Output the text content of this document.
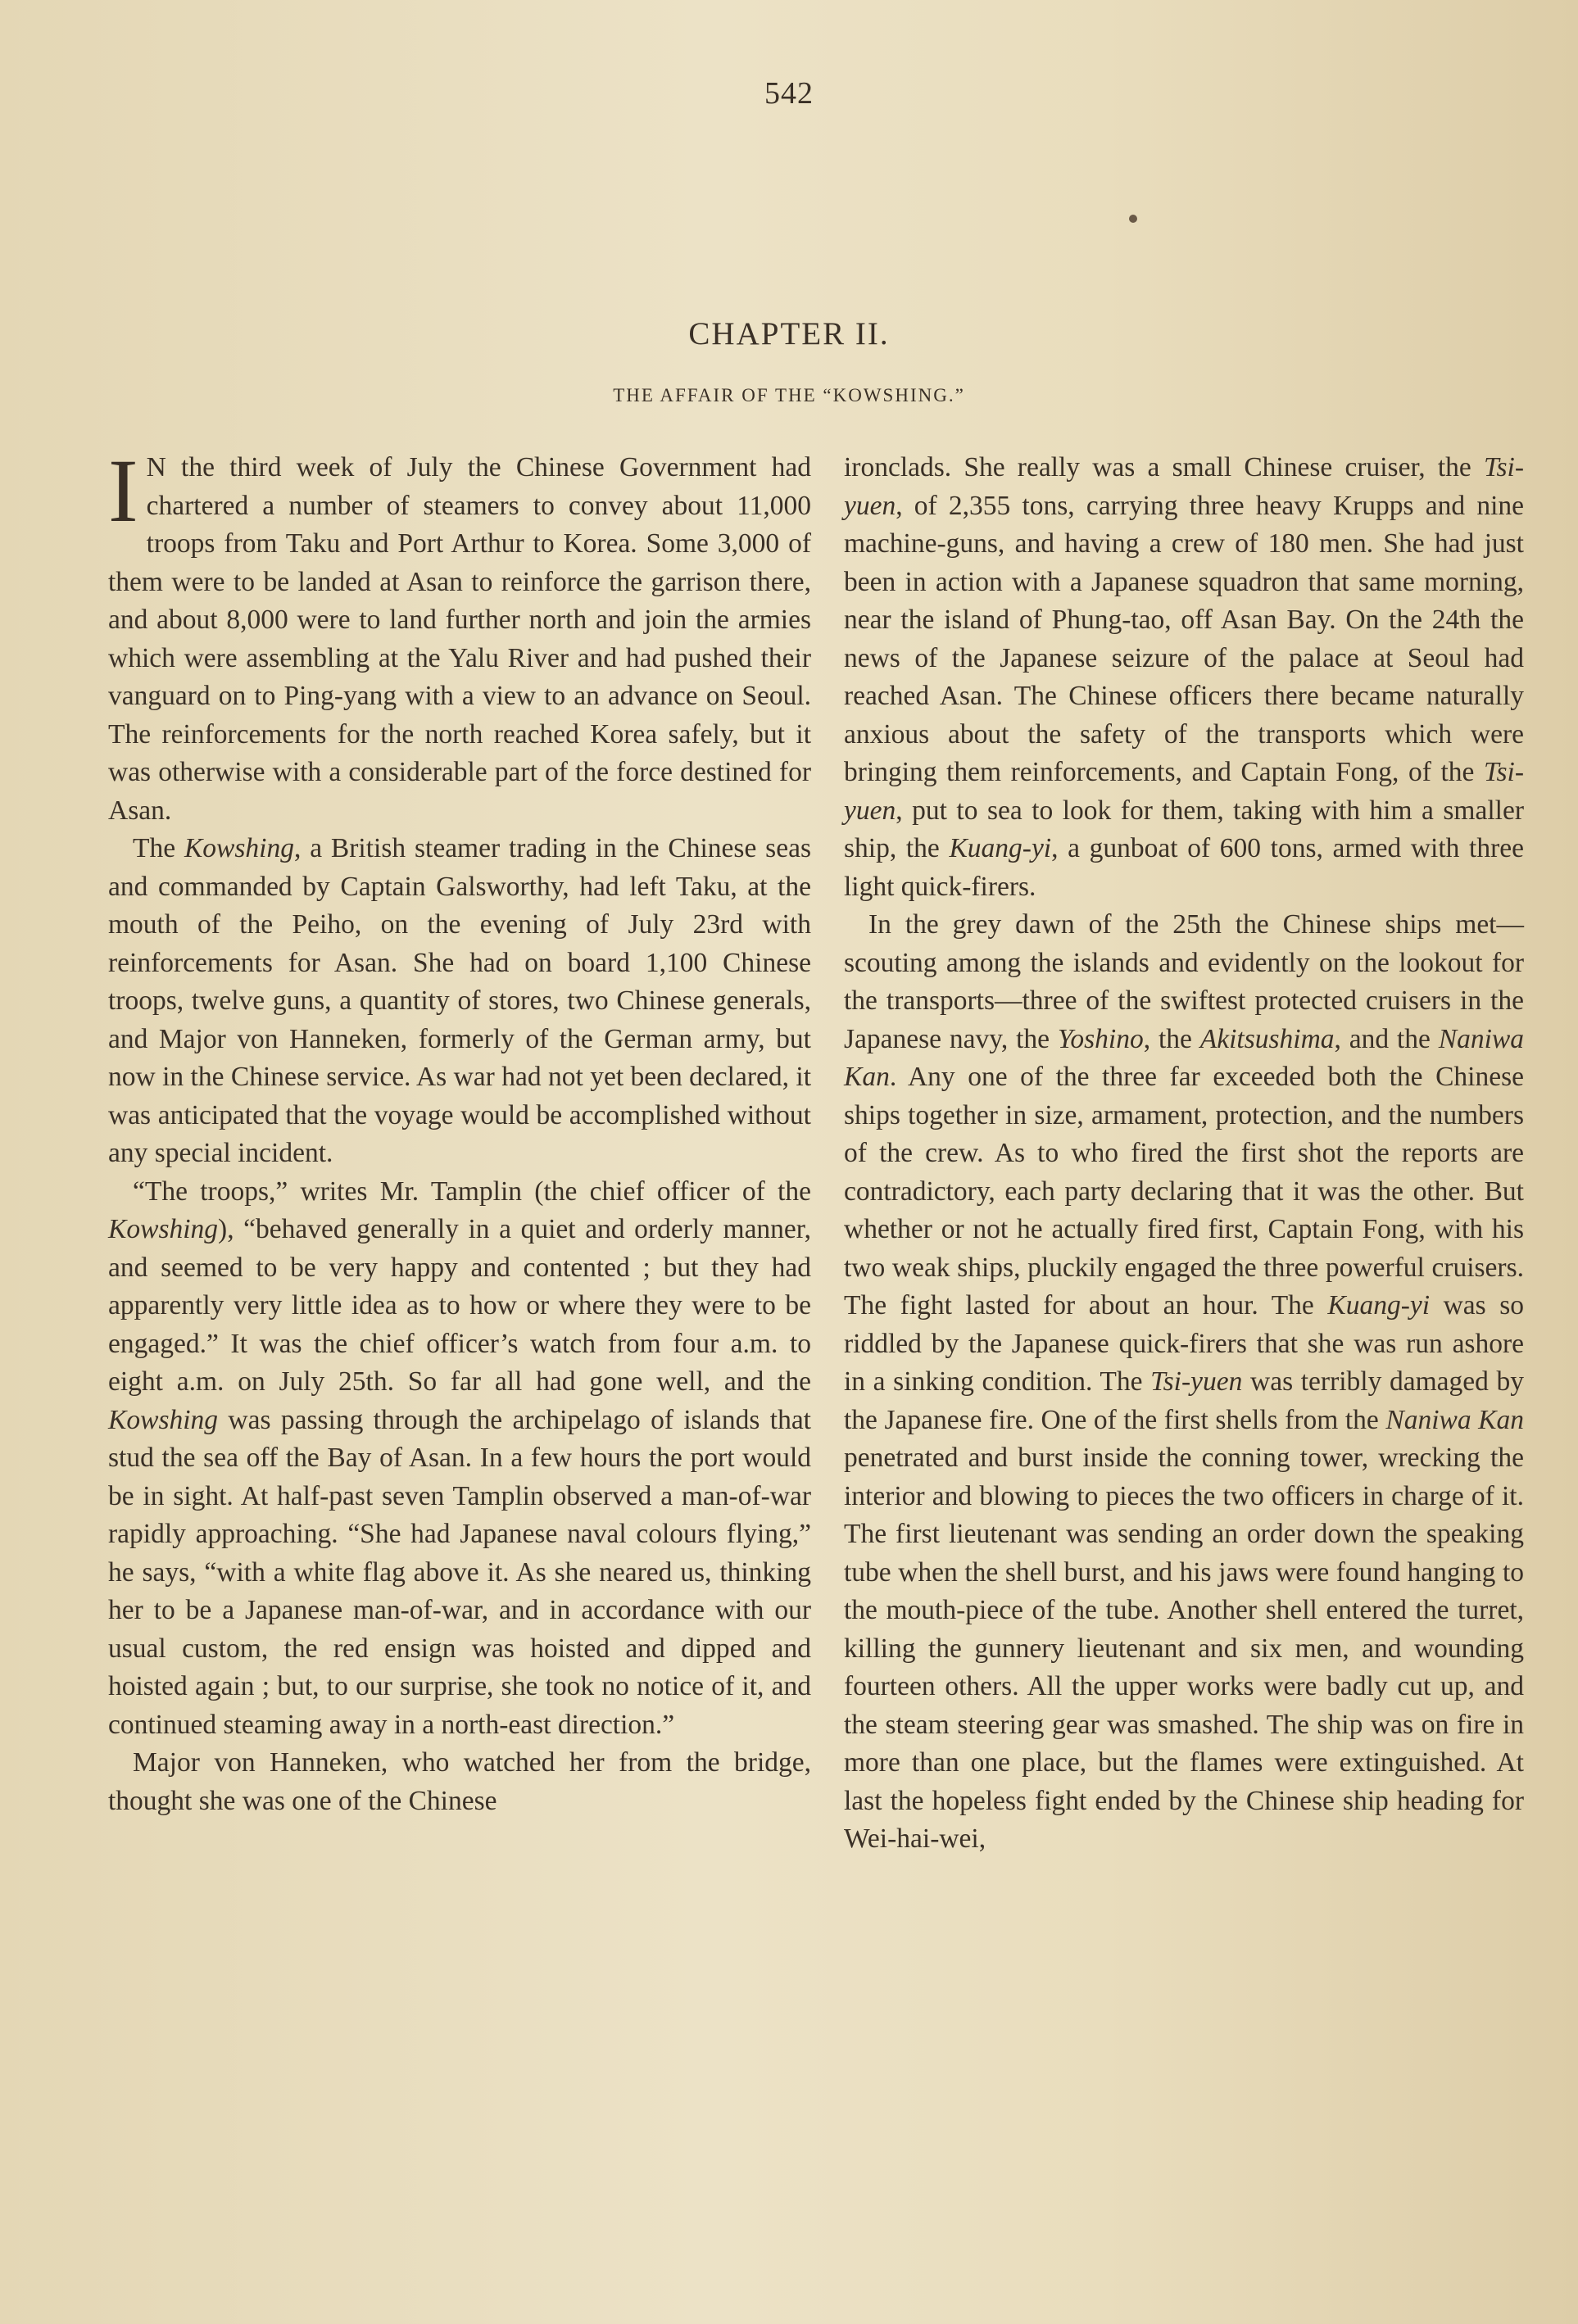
542
CHAPTER II.
THE AFFAIR OF THE “KOWSHING.”

I N the third week of July the Chinese Government had chartered a number of steamers to convey about 11,000 troops from Taku and Port Arthur to Korea. Some 3,000 of them were to be landed at Asan to reinforce the garrison there, and about 8,000 were to land further north and join the armies which were assembling at the Yalu River and had pushed their vanguard on to Ping-yang with a view to an advance on Seoul. The reinforcements for the north reached Korea safely, but it was otherwise with a considerable part of the force destined for Asan.

The Kowshing, a British steamer trading in the Chinese seas and commanded by Captain Galsworthy, had left Taku, at the mouth of the Peiho, on the evening of July 23rd with reinforcements for Asan. She had on board 1,100 Chinese troops, twelve guns, a quantity of stores, two Chinese generals, and Major von Hanneken, formerly of the German army, but now in the Chinese service. As war had not yet been declared, it was anticipated that the voyage would be accomplished without any special incident.

“The troops,” writes Mr. Tamplin (the chief officer of the Kowshing), “behaved generally in a quiet and orderly manner, and seemed to be very happy and contented ; but they had apparently very little idea as to how or where they were to be engaged.” It was the chief officer’s watch from four a.m. to eight a.m. on July 25th. So far all had gone well, and the Kowshing was passing through the archipelago of islands that stud the sea off the Bay of Asan. In a few hours the port would be in sight. At half-past seven Tamplin observed a man-of-war rapidly approaching. “She had Japanese naval colours flying,” he says, “with a white flag above it. As she neared us, thinking her to be a Japanese man-of-war, and in accordance with our usual custom, the red ensign was hoisted and dipped and hoisted again ; but, to our surprise, she took no notice of it, and continued steaming away in a north-east direction.”

Major von Hanneken, who watched her from the bridge, thought she was one of the Chinese

ironclads. She really was a small Chinese cruiser, the Tsi-yuen, of 2,355 tons, carrying three heavy Krupps and nine machine-guns, and having a crew of 180 men. She had just been in action with a Japanese squadron that same morning, near the island of Phung-tao, off Asan Bay. On the 24th the news of the Japanese seizure of the palace at Seoul had reached Asan. The Chinese officers there became naturally anxious about the safety of the transports which were bringing them reinforcements, and Captain Fong, of the Tsi-yuen, put to sea to look for them, taking with him a smaller ship, the Kuang-yi, a gunboat of 600 tons, armed with three light quick-firers.

In the grey dawn of the 25th the Chinese ships met—scouting among the islands and evidently on the lookout for the transports—three of the swiftest protected cruisers in the Japanese navy, the Yoshino, the Akitsushima, and the Naniwa Kan. Any one of the three far exceeded both the Chinese ships together in size, armament, protection, and the numbers of the crew. As to who fired the first shot the reports are contradictory, each party declaring that it was the other. But whether or not he actually fired first, Captain Fong, with his two weak ships, pluckily engaged the three powerful cruisers. The fight lasted for about an hour. The Kuang-yi was so riddled by the Japanese quick-firers that she was run ashore in a sinking condition. The Tsi-yuen was terribly damaged by the Japanese fire. One of the first shells from the Naniwa Kan penetrated and burst inside the conning tower, wrecking the interior and blowing to pieces the two officers in charge of it. The first lieutenant was sending an order down the speaking tube when the shell burst, and his jaws were found hanging to the mouth-piece of the tube. Another shell entered the turret, killing the gunnery lieutenant and six men, and wounding fourteen others. All the upper works were badly cut up, and the steam steering gear was smashed. The ship was on fire in more than one place, but the flames were extinguished. At last the hopeless fight ended by the Chinese ship heading for Wei-hai-wei,
